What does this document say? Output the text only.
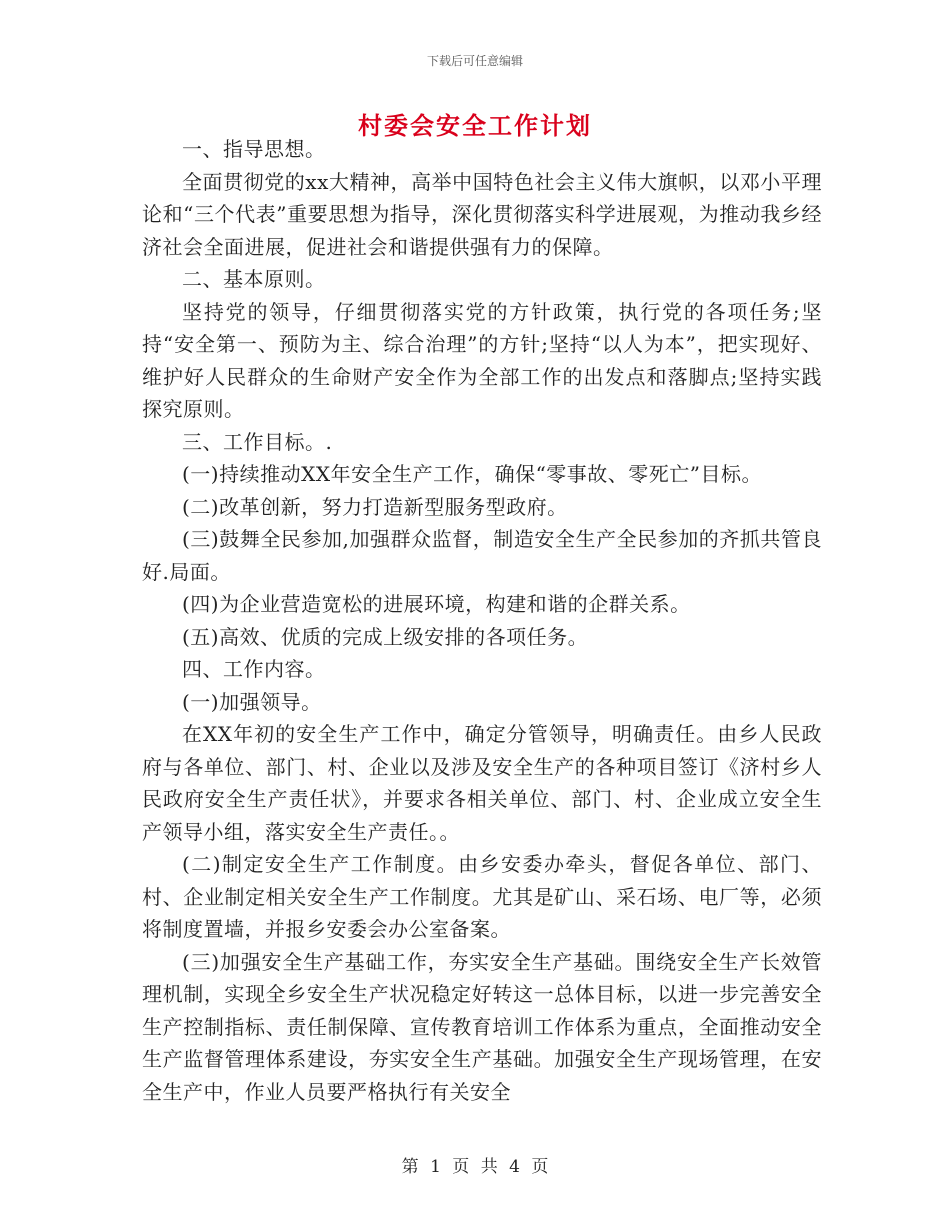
下载后可任意编辑
村委会安全工作计划

一、指导思想。

全面贯彻党的xx大精神，高举中国特色社会主义伟大旗帜，以邓小平理论和“三个代表”重要思想为指导，深化贯彻落实科学进展观，为推动我乡经济社会全面进展，促进社会和谐提供强有力的保障。

二、基本原则。

坚持党的领导，仔细贯彻落实党的方针政策，执行党的各项任务;坚持“安全第一、预防为主、综合治理”的方针;坚持“以人为本”，把实现好、维护好人民群众的生命财产安全作为全部工作的出发点和落脚点;坚持实践探究原则。

三、工作目标。.

(一)持续推动XX年安全生产工作，确保“零事故、零死亡”目标。

(二)改革创新，努力打造新型服务型政府。

(三)鼓舞全民参加,加强群众监督，制造安全生产全民参加的齐抓共管良好.局面。

(四)为企业营造宽松的进展环境，构建和谐的企群关系。

(五)高效、优质的完成上级安排的各项任务。

四、工作内容。

(一)加强领导。

在XX年初的安全生产工作中，确定分管领导，明确责任。由乡人民政府与各单位、部门、村、企业以及涉及安全生产的各种项目签订《济村乡人民政府安全生产责任状》，并要求各相关单位、部门、村、企业成立安全生产领导小组，落实安全生产责任。。

(二)制定安全生产工作制度。由乡安委办牵头，督促各单位、部门、村、企业制定相关安全生产工作制度。尤其是矿山、采石场、电厂等，必须将制度置墙，并报乡安委会办公室备案。

(三)加强安全生产基础工作，夯实安全生产基础。围绕安全生产长效管理机制，实现全乡安全生产状况稳定好转这一总体目标，以进一步完善安全生产控制指标、责任制保障、宣传教育培训工作体系为重点，全面推动安全生产监督管理体系建设，夯实安全生产基础。加强安全生产现场管理，在安全生产中，作业人员要严格执行有关安全

第 1 页 共 4 页
